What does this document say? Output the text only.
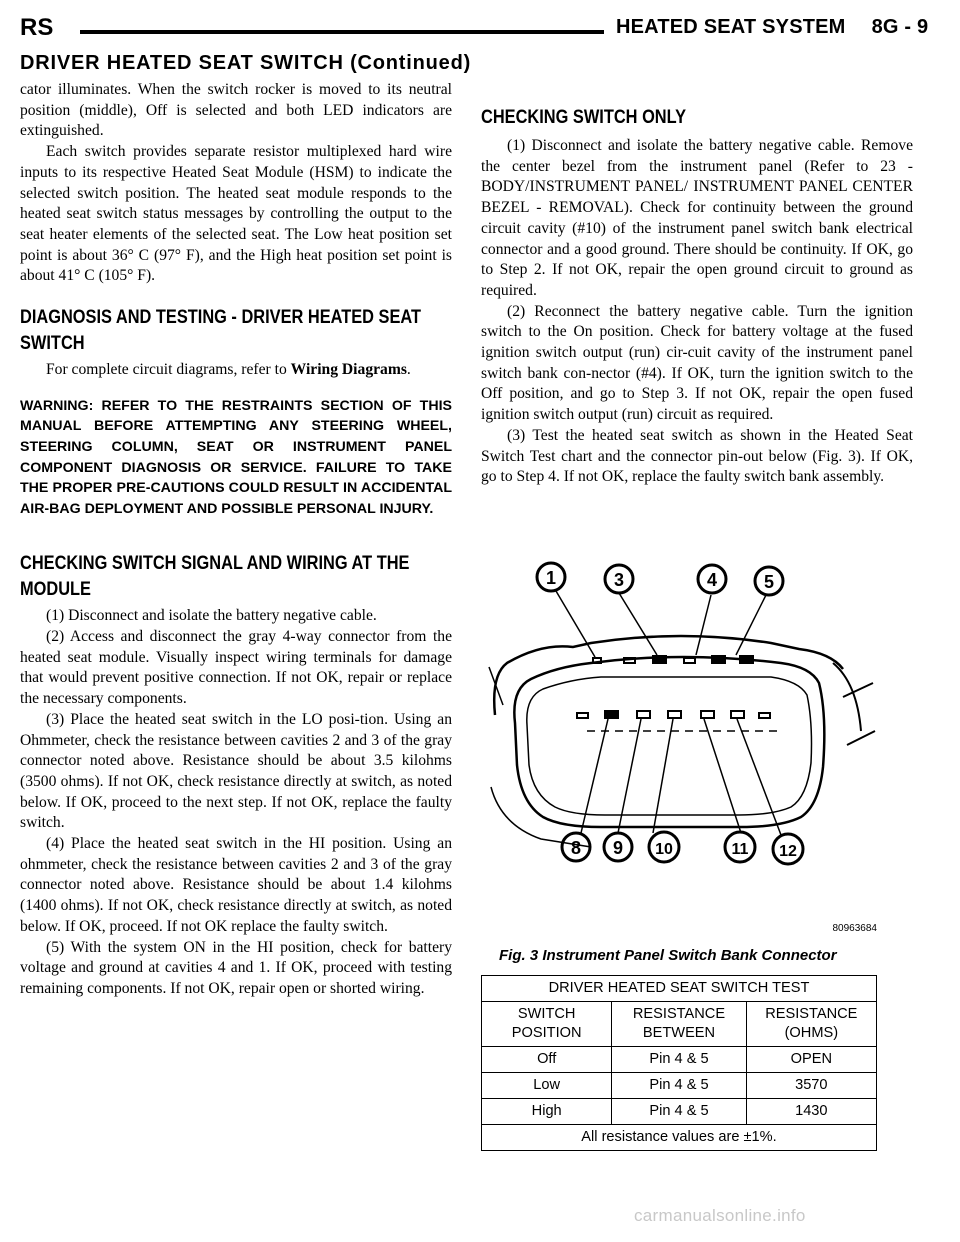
RS	HEATED SEAT SYSTEM 8G - 9
DRIVER HEATED SEAT SWITCH (Continued)

cator illuminates. When the switch rocker is moved to its neutral position (middle), Off is selected and both LED indicators are extinguished.

Each switch provides separate resistor multiplexed hard wire inputs to its respective Heated Seat Module (HSM) to indicate the selected switch position. The heated seat module responds to the heated seat switch status messages by controlling the output to the seat heater elements of the selected seat. The Low heat position set point is about 36° C (97° F), and the High heat position set point is about 41° C (105° F).

DIAGNOSIS AND TESTING - DRIVER HEATED SEAT SWITCH

For complete circuit diagrams, refer to Wiring Diagrams.

WARNING: REFER TO THE RESTRAINTS SECTION OF THIS MANUAL BEFORE ATTEMPTING ANY STEERING WHEEL, STEERING COLUMN, SEAT OR INSTRUMENT PANEL COMPONENT DIAGNOSIS OR SERVICE. FAILURE TO TAKE THE PROPER PRE-CAUTIONS COULD RESULT IN ACCIDENTAL AIR-BAG DEPLOYMENT AND POSSIBLE PERSONAL INJURY.

CHECKING SWITCH SIGNAL AND WIRING AT THE MODULE

(1) Disconnect and isolate the battery negative cable.

(2) Access and disconnect the gray 4-way connector from the heated seat module. Visually inspect wiring terminals for damage that would prevent positive connection. If not OK, repair or replace the necessary components.

(3) Place the heated seat switch in the LO posi-tion. Using an Ohmmeter, check the resistance between cavities 2 and 3 of the gray connector noted above. Resistance should be about 3.5 kilohms (3500 ohms). If not OK, check resistance directly at switch, as noted below. If OK, proceed to the next step. If not OK, replace the faulty switch.

(4) Place the heated seat switch in the HI position. Using an ohmmeter, check the resistance between cavities 2 and 3 of the gray connector noted above. Resistance should be about 1.4 kilohms (1400 ohms). If not OK, check resistance directly at switch, as noted below. If OK, proceed. If not OK replace the faulty switch.

(5) With the system ON in the HI position, check for battery voltage and ground at cavities 4 and 1. If OK, proceed with testing remaining components. If not OK, repair open or shorted wiring.

CHECKING SWITCH ONLY

(1) Disconnect and isolate the battery negative cable. Remove the center bezel from the instrument panel (Refer to 23 - BODY/INSTRUMENT PANEL/ INSTRUMENT PANEL CENTER BEZEL - REMOVAL). Check for continuity between the ground circuit cavity (#10) of the instrument panel switch bank electrical connector and a good ground. There should be continuity. If OK, go to Step 2. If not OK, repair the open ground circuit to ground as required.

(2) Reconnect the battery negative cable. Turn the ignition switch to the On position. Check for battery voltage at the fused ignition switch output (run) cir-cuit cavity of the instrument panel switch bank con-nector (#4). If OK, turn the ignition switch to the Off position, and go to Step 3. If not OK, repair the open fused ignition switch output (run) circuit as required.

(3) Test the heated seat switch as shown in the Heated Seat Switch Test chart and the connector pin-out below (Fig. 3). If OK, go to Step 4. If not OK, replace the faulty switch bank assembly.

1	3	4	5
8 9 10	11 12
80963684
Fig. 3 Instrument Panel Switch Bank Connector
DRIVER HEATED SEAT SWITCH TEST		
SWITCH POSITION	RESISTANCE BETWEEN	RESISTANCE (OHMS)
Off	Pin 4 & 5	OPEN
Low	Pin 4 & 5	3570
High	Pin 4 & 5	1430
All resistance values are ±1%.		
carmanualsonline.info
